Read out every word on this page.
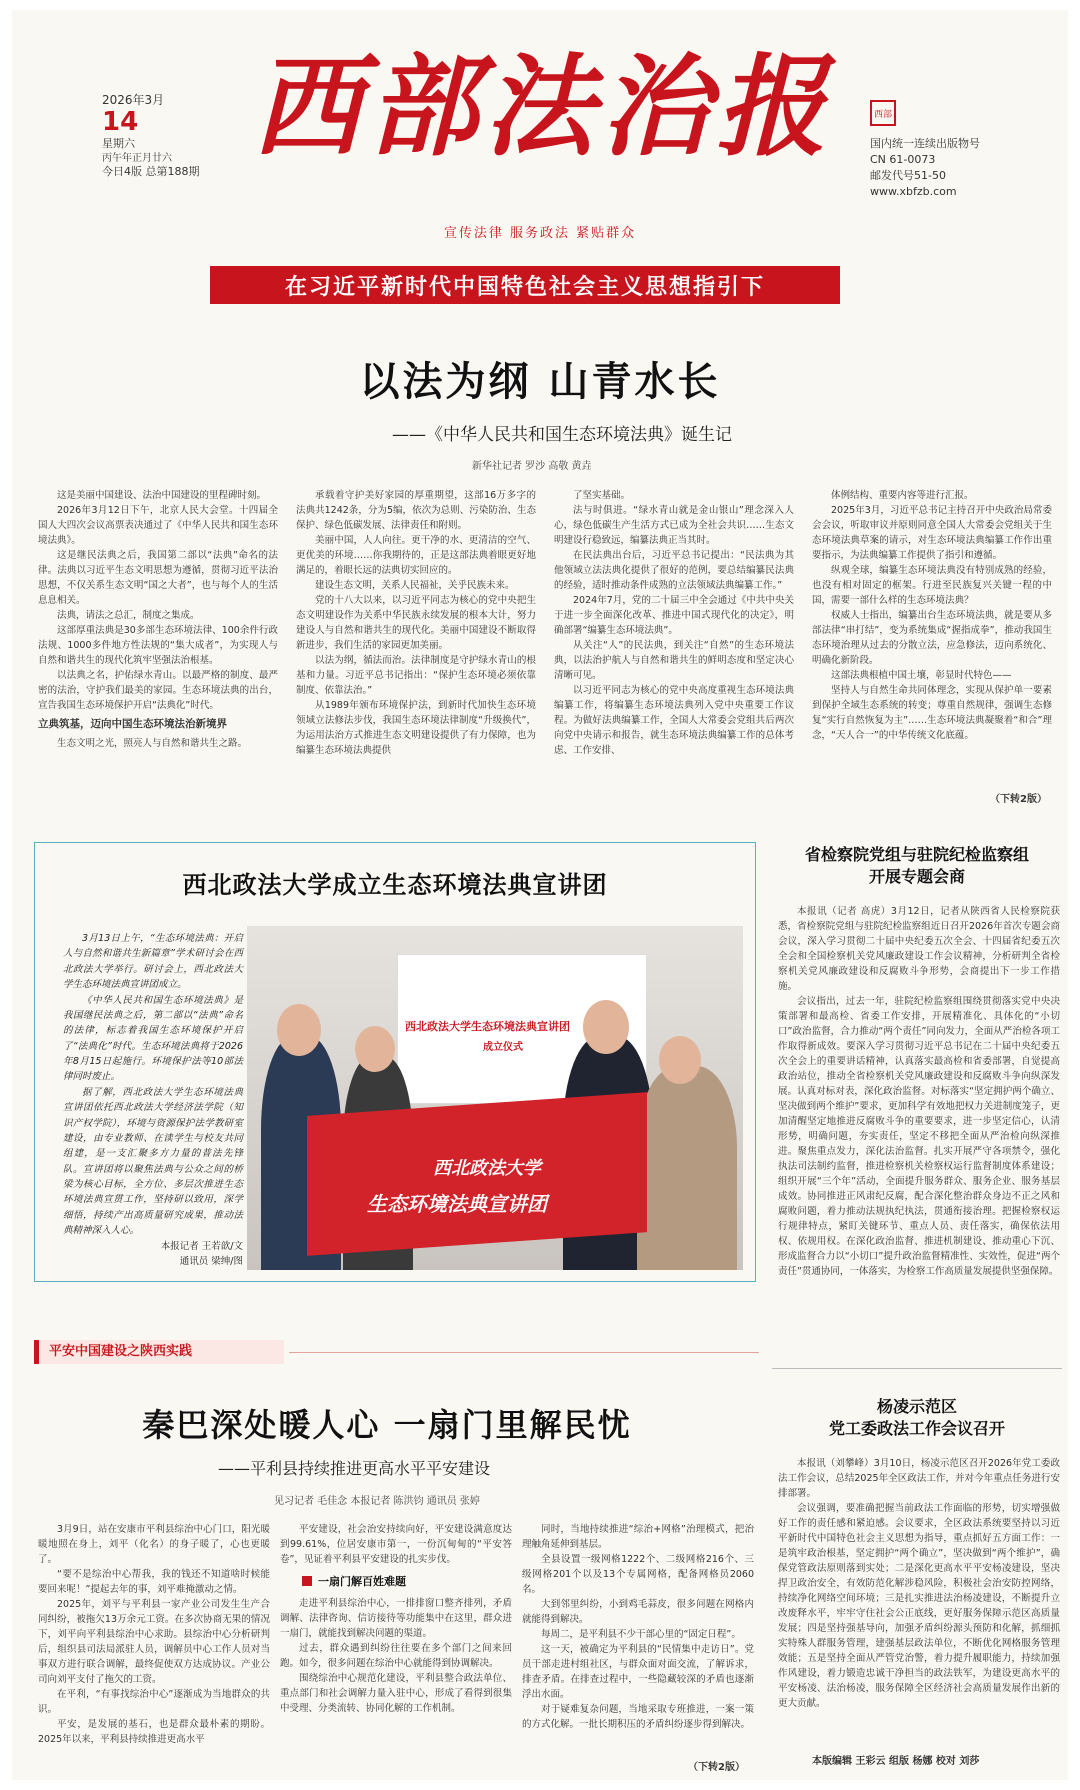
2026年3月
14
星期六
丙午年正月廿六
今日4版 总第188期
西部法治报	西部
国内统一连续出版物号
CN 61-0073
邮发代号51-50
www.xbfzb.com
宣传法律 服务政法 紧贴群众
在习近平新时代中国特色社会主义思想指引下
以法为纲 山青水长
——《中华人民共和国生态环境法典》诞生记
新华社记者 罗沙 高敬 黄垚

这是美丽中国建设、法治中国建设的里程碑时刻。

2026年3月12日下午，北京人民大会堂。十四届全国人大四次会议高票表决通过了《中华人民共和国生态环境法典》。

这是继民法典之后，我国第二部以“法典”命名的法律。法典以习近平生态文明思想为遵循，贯彻习近平法治思想，不仅关系生态文明“国之大者”，也与每个人的生活息息相关。

法典，请法之总汇，制度之集成。

这部厚重法典是30多部生态环境法律、100余件行政法规、1000多件地方性法规的“集大成者”，为实现人与自然和谐共生的现代化筑牢坚强法治根基。

以法典之名，护佑绿水青山。以最严格的制度、最严密的法治，守护我们最美的家园。生态环境法典的出台，宣告我国生态环境保护开启“法典化”时代。

立典筑基，迈向中国生态环境法治新境界

生态文明之光，照亮人与自然和谐共生之路。

承载着守护美好家园的厚重期望，这部16万多字的法典共1242条，分为5编，依次为总则、污染防治、生态保护、绿色低碳发展、法律责任和附则。

美丽中国，人人向往。更干净的水、更清洁的空气、更优美的环境……你我期待的，正是这部法典着眼更好地满足的，着眼长远的法典切实回应的。

建设生态文明，关系人民福祉，关乎民族未来。

党的十八大以来，以习近平同志为核心的党中央把生态文明建设作为关系中华民族永续发展的根本大计，努力建设人与自然和谐共生的现代化。美丽中国建设不断取得新进步，我们生活的家园更加美丽。

以法为纲，循法而治。法律制度是守护绿水青山的根基和力量。习近平总书记指出：“保护生态环境必须依靠制度、依靠法治。”

从1989年颁布环境保护法，到新时代加快生态环境领域立法修法步伐，我国生态环境法律制度“升级换代”，为运用法治方式推进生态文明建设提供了有力保障，也为编纂生态环境法典提供

了坚实基础。

法与时俱进。“绿水青山就是金山银山”理念深入人心，绿色低碳生产生活方式已成为全社会共识……生态文明建设行稳致远，编纂法典正当其时。

在民法典出台后，习近平总书记提出：“民法典为其他领域立法法典化提供了很好的范例，要总结编纂民法典的经验，适时推动条件成熟的立法领域法典编纂工作。”

2024年7月，党的二十届三中全会通过《中共中央关于进一步全面深化改革、推进中国式现代化的决定》，明确部署“编纂生态环境法典”。

从关注“人”的民法典，到关注“自然”的生态环境法典，以法治护航人与自然和谐共生的鲜明态度和坚定决心清晰可见。

以习近平同志为核心的党中央高度重视生态环境法典编纂工作，将编纂生态环境法典列入党中央重要工作议程。为做好法典编纂工作，全国人大常委会党组共后两次向党中央请示和报告，就生态环境法典编纂工作的总体考虑、工作安排、

体例结构、重要内容等进行汇报。

2025年3月，习近平总书记主持召开中央政治局常委会会议，听取审议并原则同意全国人大常委会党组关于生态环境法典草案的请示，对生态环境法典编纂工作作出重要指示，为法典编纂工作提供了指引和遵循。

纵观全球，编纂生态环境法典没有特别成熟的经验，也没有相对固定的框架。行进至民族复兴关键一程的中国，需要一部什么样的生态环境法典？

权威人士指出，编纂出台生态环境法典，就是要从多部法律“串打结”，变为系统集成“握指成拳”，推动我国生态环境治理从过去的分散立法，应急修法，迈向系统化、明确化新阶段。

这部法典根植中国土壤，彰显时代特色——

坚持人与自然生命共同体理念，实现从保护单一要素到保护全域生态系统的转变；尊重自然规律，强调生态修复“实行自然恢复为主”……生态环境法典凝聚着“和合”理念，“天人合一”的中华传统文化底蕴。

（下转2版）
西北政法大学成立生态环境法典宣讲团

3月13日上午，“生态环境法典：开启人与自然和谐共生新篇章”学术研讨会在西北政法大学举行。研讨会上，西北政法大学生态环境法典宣讲团成立。

《中华人民共和国生态环境法典》是我国继民法典之后，第二部以“法典”命名的法律，标志着我国生态环境保护开启了“法典化”时代。生态环境法典将于2026年8月15日起施行。环境保护法等10部法律同时废止。

据了解，西北政法大学生态环境法典宣讲团依托西北政法大学经济法学院（知识产权学院），环境与资源保护法学教研室建设，由专业教师、在读学生与校友共同组建，是一支汇聚多方力量的普法先锋队。宣讲团将以聚焦法典与公众之间的桥梁为核心目标，全方位、多层次推进生态环境法典宣贯工作，坚持研以致用，深学细悟，持续产出高质量研究成果，推动法典精神深入人心。

本报记者 王若歆/文

通讯员 梁绅/图

西北政法大学生态环境法典宣讲团
成立仪式
西北政法大学
生态环境法典宣讲团
省检察院党组与驻院纪检监察组
开展专题会商

本报讯（记者 高虎）3月12日，记者从陕西省人民检察院获悉，省检察院党组与驻院纪检监察组近日召开2026年首次专题会商会议，深入学习贯彻二十届中央纪委五次全会、十四届省纪委五次全会和全国检察机关党风廉政建设工作会议精神，分析研判全省检察机关党风廉政建设和反腐败斗争形势，会商提出下一步工作措施。

会议指出，过去一年，驻院纪检监察组围绕贯彻落实党中央决策部署和最高检、省委工作安排，开展精准化、具体化的“小切口”政治监督，合力推动“两个责任”同向发力，全面从严治检各项工作取得新成效。要深入学习贯彻习近平总书记在二十届中央纪委五次全会上的重要讲话精神，认真落实最高检和省委部署，自觉提高政治站位，推动全省检察机关党风廉政建设和反腐败斗争向纵深发展。认真对标对表，深化政治监督。对标落实“坚定拥护两个确立、坚决做到两个维护”要求，更加科学有效地把权力关进制度笼子，更加清醒坚定地推进反腐败斗争的重要要求，进一步坚定信心，认清形势，明确问题，夯实责任，坚定不移把全面从严治检向纵深推进。聚焦重点发力，深化法治监督。扎实开展严守各项禁令，强化执法司法制约监督，推进检察机关检察权运行监督制度体系建设；组织开展“三个年”活动，全面提升服务群众、服务企业、服务基层成效。协同推进正风肃纪反腐，配合深化整治群众身边不正之风和腐败问题，着力推动法规执纪执法，贯通衔接治理。把握检察权运行规律特点，紧盯关键环节、重点人员、责任落实，确保依法用权、依规用权。在深化政治监督、推进机制建设、推动重心下沉、形成监督合力以“小切口”提升政治监督精准性、实效性，促进“两个责任”贯通协同，一体落实，为检察工作高质量发展提供坚强保障。

杨凌示范区
党工委政法工作会议召开

本报讯（刘攀峰）3月10日，杨凌示范区召开2026年党工委政法工作会议，总结2025年全区政法工作，并对今年重点任务进行安排部署。

会议强调，要准确把握当前政法工作面临的形势，切实增强做好工作的责任感和紧迫感。会议要求，全区政法系统要坚持以习近平新时代中国特色社会主义思想为指导，重点抓好五方面工作：一是筑牢政治根基，坚定拥护“两个确立”，坚决做到“两个维护”，确保党管政法原则落到实处；二是深化更高水平平安杨凌建设，坚决捍卫政治安全，有效防范化解涉稳风险，积极社会治安防控网络，持续净化网络空间环境；三是扎实推进法治杨凌建设，不断提升立改废释水平，牢牢守住社会公正底线，更好服务保障示范区高质量发展；四是坚持强基导向，加强矛盾纠纷源头预防和化解，抓细抓实特殊人群服务管理，建强基层政法单位，不断优化网格服务管理效能；五是坚持全面从严管党治警，着力提升履职能力，持续加强作风建设，着力锻造忠诚干净担当的政法铁军，为建设更高水平的平安杨凌、法治杨凌，服务保障全区经济社会高质量发展作出新的更大贡献。

平安中国建设之陕西实践
秦巴深处暖人心 一扇门里解民忧
——平利县持续推进更高水平平安建设
见习记者 毛佳念 本报记者 陈洪钧 通讯员 张婷

3月9日，站在安康市平利县综治中心门口，阳光暖暖地照在身上，刘平（化名）的身子暖了，心也更暖了。

“要不是综治中心帮我，我的钱还不知道啥时候能要回来呢！”提起去年的事，刘平难掩激动之情。

2025年，刘平与平利县一家产业公司发生生产合同纠纷，被拖欠13万余元工资。在多次协商无果的情况下，刘平向平利县综治中心求助。县综治中心分析研判后，组织县司法局派驻人员，调解员中心工作人员对当事双方进行联合调解，最终促使双方达成协议。产业公司向刘平支付了拖欠的工资。

在平利，“有事找综治中心”逐渐成为当地群众的共识。

平安，是发展的基石，也是群众最朴素的期盼。2025年以来，平利县持续推进更高水平

平安建设，社会治安持续向好，平安建设满意度达到99.61%，位居安康市第一，一份沉甸甸的“平安答卷”，见证着平利县平安建设的扎实步伐。

一扇门解百姓难题

走进平利县综治中心，一排排窗口整齐排列，矛盾调解、法律咨询、信访接待等功能集中在这里，群众进一扇门，就能找到解决问题的渠道。

过去，群众遇到纠纷往往要在多个部门之间来回跑。如今，很多问题在综治中心就能得到协调解决。

围绕综治中心规范化建设，平利县整合政法单位、重点部门和社会调解力量入驻中心，形成了看得到很集中受理、分类流转、协同化解的工作机制。

同时，当地持续推进“综治+网格”治理模式，把治理触角延伸到基层。

全县设置一级网格1222个、二级网格216个、三级网格201个以及13个专属网格，配备网格员2060名。

大到邻里纠纷，小到鸡毛蒜皮，很多问题在网格内就能得到解决。

每周二，是平利县不少干部心里的“固定日程”。

这一天，被确定为平利县的“民情集中走访日”。党员干部走进村组社区，与群众面对面交流，了解诉求，排查矛盾。在排查过程中，一些隐藏较深的矛盾也逐渐浮出水面。

对于疑难复杂问题，当地采取专班推进，一案一策的方式化解。一批长期积压的矛盾纠纷逐步得到解决。

（下转2版）
本版编辑 王彩云 组版 杨娜 校对 刘莎
